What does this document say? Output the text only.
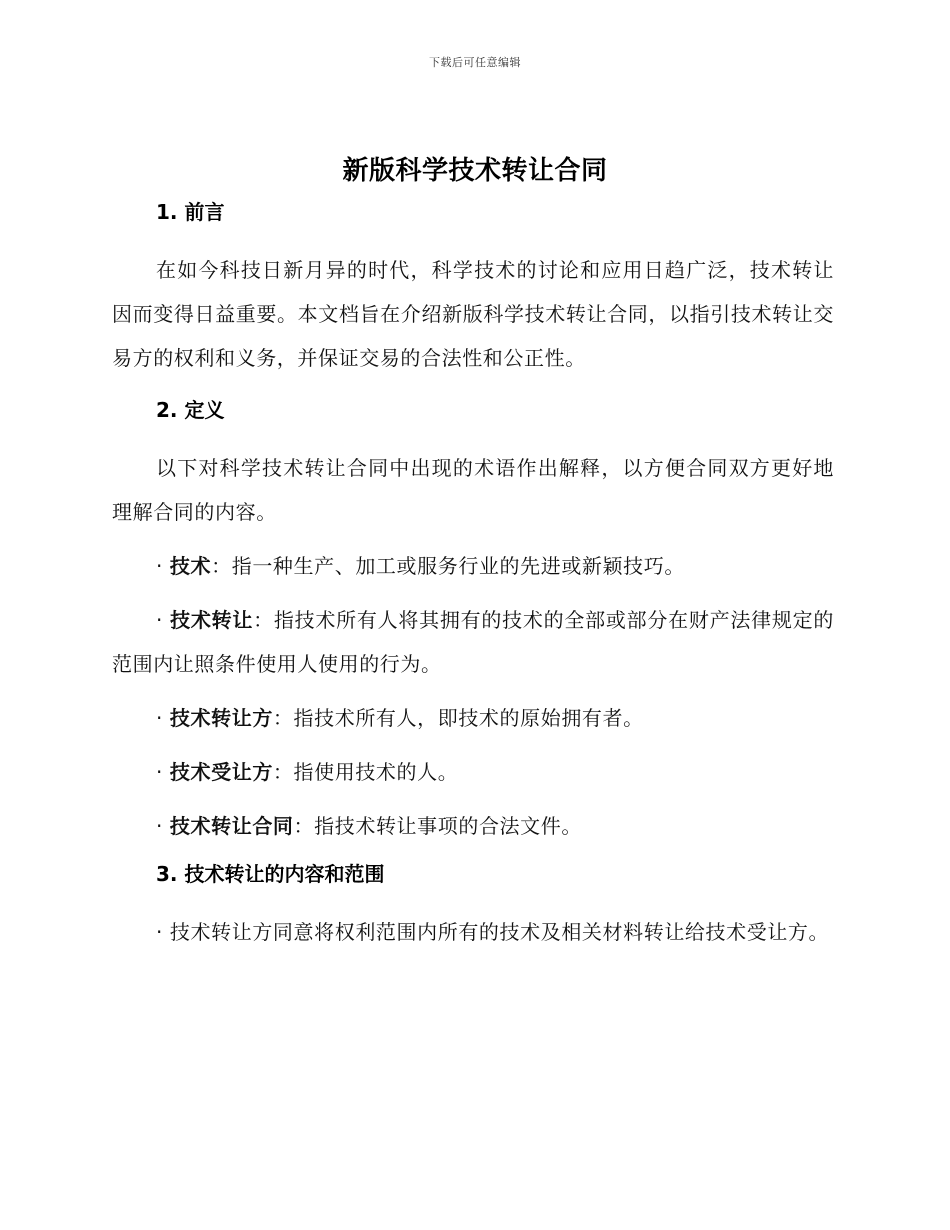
下载后可任意编辑
新版科学技术转让合同

1. 前言

在如今科技日新月异的时代，科学技术的讨论和应用日趋广泛，技术转让因而变得日益重要。本文档旨在介绍新版科学技术转让合同，以指引技术转让交易方的权利和义务，并保证交易的合法性和公正性。

2. 定义

以下对科学技术转让合同中出现的术语作出解释，以方便合同双方更好地理解合同的内容。

· 技术：指一种生产、加工或服务行业的先进或新颖技巧。

· 技术转让：指技术所有人将其拥有的技术的全部或部分在财产法律规定的范围内让照条件使用人使用的行为。

· 技术转让方：指技术所有人，即技术的原始拥有者。

· 技术受让方：指使用技术的人。

· 技术转让合同：指技术转让事项的合法文件。

3. 技术转让的内容和范围

· 技术转让方同意将权利范围内所有的技术及相关材料转让给技术受让方。
